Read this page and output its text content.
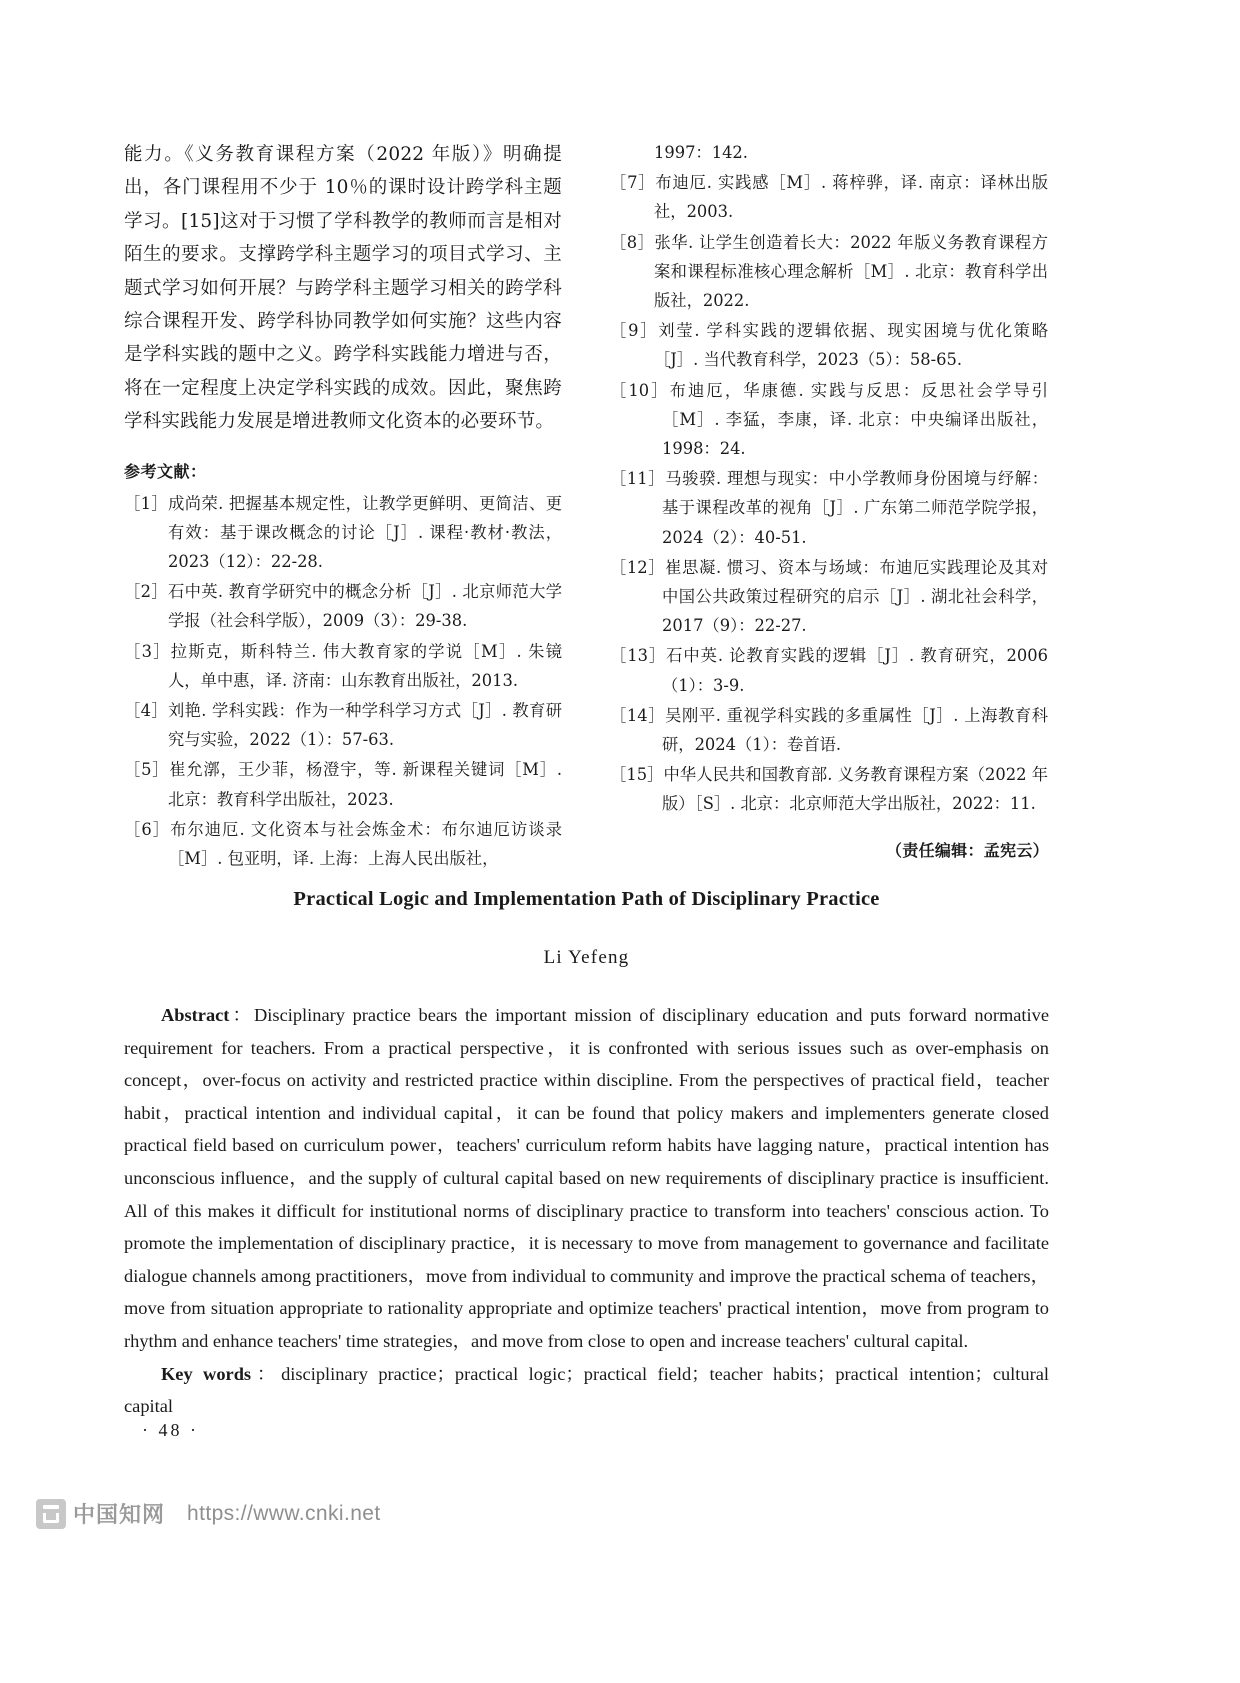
能力。《义务教育课程方案（2022 年版）》明确提出，各门课程用不少于 10％的课时设计跨学科主题学习。[15]这对于习惯了学科教学的教师而言是相对陌生的要求。支撑跨学科主题学习的项目式学习、主题式学习如何开展？与跨学科主题学习相关的跨学科综合课程开发、跨学科协同教学如何实施？这些内容是学科实践的题中之义。跨学科实践能力增进与否，将在一定程度上决定学科实践的成效。因此，聚焦跨学科实践能力发展是增进教师文化资本的必要环节。

参考文献：
［1］成尚荣. 把握基本规定性，让教学更鲜明、更简洁、更有效：基于课改概念的讨论［J］. 课程·教材·教法，2023（12）：22-28.
［2］石中英. 教育学研究中的概念分析［J］. 北京师范大学学报（社会科学版），2009（3）：29-38.
［3］拉斯克，斯科特兰. 伟大教育家的学说［M］. 朱镜人，单中惠，译. 济南：山东教育出版社，2013.
［4］刘艳. 学科实践：作为一种学科学习方式［J］. 教育研究与实验，2022（1）：57-63.
［5］崔允漷，王少菲，杨澄宇，等. 新课程关键词［M］. 北京：教育科学出版社，2023.
［6］布尔迪厄. 文化资本与社会炼金术：布尔迪厄访谈录［M］. 包亚明，译. 上海：上海人民出版社，
1997：142.
［7］布迪厄. 实践感［M］. 蒋梓骅，译. 南京：译林出版社，2003.
［8］张华. 让学生创造着长大：2022 年版义务教育课程方案和课程标准核心理念解析［M］. 北京：教育科学出版社，2022.
［9］刘莹. 学科实践的逻辑依据、现实困境与优化策略［J］. 当代教育科学，2023（5）：58-65.
［10］布迪厄，华康德. 实践与反思：反思社会学导引［M］. 李猛，李康，译. 北京：中央编译出版社，1998：24.
［11］马骏骙. 理想与现实：中小学教师身份困境与纾解：基于课程改革的视角［J］. 广东第二师范学院学报，2024（2）：40-51.
［12］崔思凝. 惯习、资本与场域：布迪厄实践理论及其对中国公共政策过程研究的启示［J］. 湖北社会科学，2017（9）：22-27.
［13］石中英. 论教育实践的逻辑［J］. 教育研究，2006（1）：3-9.
［14］吴刚平. 重视学科实践的多重属性［J］. 上海教育科研，2024（1）：卷首语.
［15］中华人民共和国教育部. 义务教育课程方案（2022 年版）［S］. 北京：北京师范大学出版社，2022：11.
（责任编辑：孟宪云）
Practical Logic and Implementation Path of Disciplinary Practice
Li Yefeng

Abstract：Disciplinary practice bears the important mission of disciplinary education and puts forward normative requirement for teachers. From a practical perspective，it is confronted with serious issues such as over-emphasis on concept，over-focus on activity and restricted practice within discipline. From the perspectives of practical field，teacher habit，practical intention and individual capital，it can be found that policy makers and implementers generate closed practical field based on curriculum power，teachers' curriculum reform habits have lagging nature，practical intention has unconscious influence，and the supply of cultural capital based on new requirements of disciplinary practice is insufficient. All of this makes it difficult for institutional norms of disciplinary practice to transform into teachers' conscious action. To promote the implementation of disciplinary practice，it is necessary to move from management to governance and facilitate dialogue channels among practitioners，move from individual to community and improve the practical schema of teachers，move from situation appropriate to rationality appropriate and optimize teachers' practical intention，move from program to rhythm and enhance teachers' time strategies，and move from close to open and increase teachers' cultural capital.

Key words：disciplinary practice；practical logic；practical field；teacher habits；practical intention；cultural capital

· 48 ·
中国知网 https://www.cnki.net
